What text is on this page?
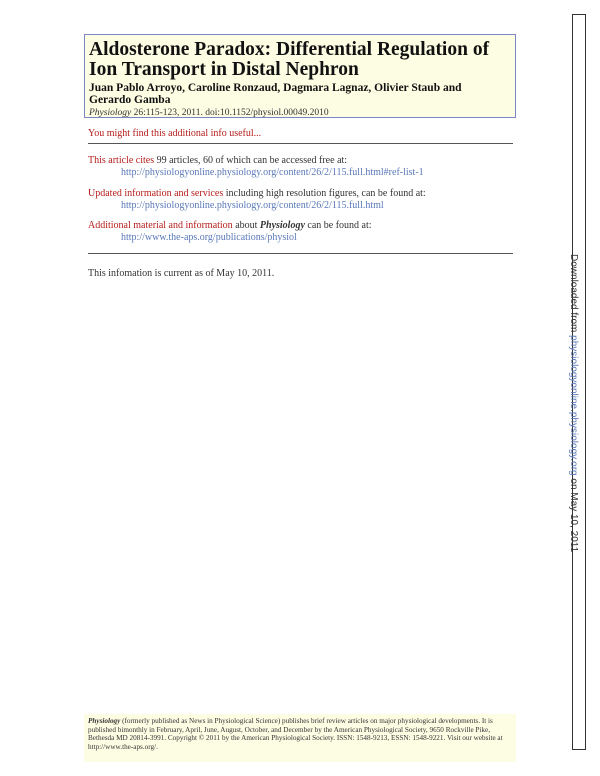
Aldosterone Paradox: Differential Regulation of Ion Transport in Distal Nephron
Juan Pablo Arroyo, Caroline Ronzaud, Dagmara Lagnaz, Olivier Staub and Gerardo Gamba
Physiology 26:115-123, 2011. doi:10.1152/physiol.00049.2010
You might find this additional info useful...
This article cites 99 articles, 60 of which can be accessed free at:
http://physiologyonline.physiology.org/content/26/2/115.full.html#ref-list-1
Updated information and services including high resolution figures, can be found at:
http://physiologyonline.physiology.org/content/26/2/115.full.html
Additional material and information about Physiology can be found at:
http://www.the-aps.org/publications/physiol
This infomation is current as of May 10, 2011.
Physiology (formerly published as News in Physiological Science) publishes brief review articles on major physiological developments. It is published bimonthly in February, April, June, August, October, and December by the American Physiological Society, 9650 Rockville Pike, Bethesda MD 20814-3991. Copyright © 2011 by the American Physiological Society. ISSN: 1548-9213, ESSN: 1548-9221. Visit our website at http://www.the-aps.org/.
Downloaded from physiologyonline.physiology.org on May 10, 2011
